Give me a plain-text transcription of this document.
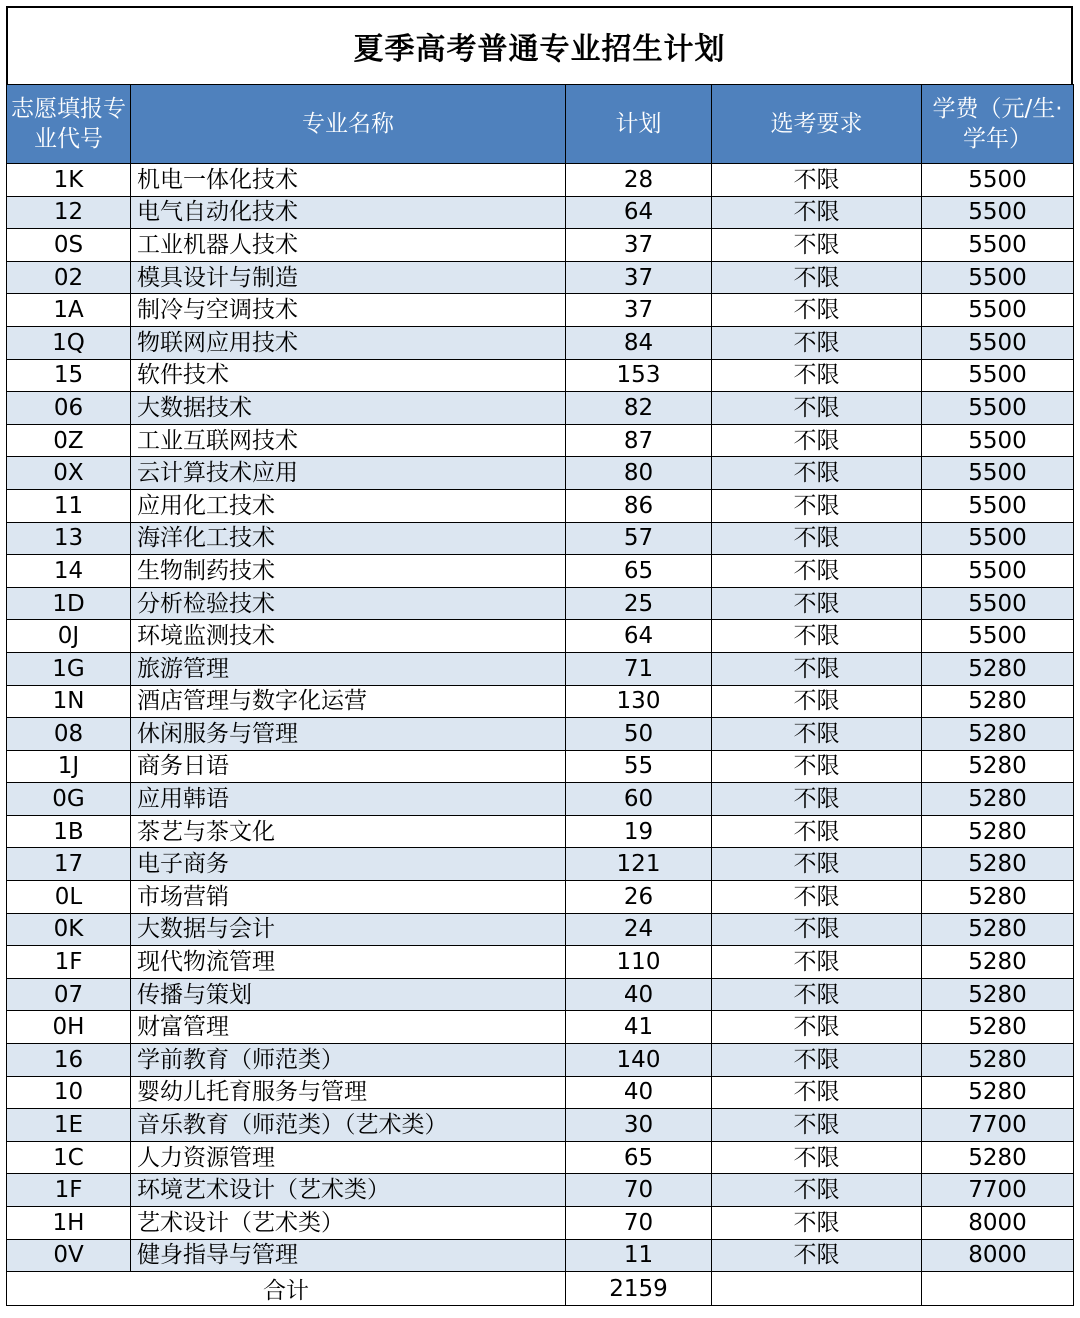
夏季高考普通专业招生计划
志愿填报专业代号	专业名称	计划	选考要求	学费（元/生·学年）
1K	机电一体化技术	28	不限	5500
12	电气自动化技术	64	不限	5500
0S	工业机器人技术	37	不限	5500
02	模具设计与制造	37	不限	5500
1A	制冷与空调技术	37	不限	5500
1Q	物联网应用技术	84	不限	5500
15	软件技术	153	不限	5500
06	大数据技术	82	不限	5500
0Z	工业互联网技术	87	不限	5500
0X	云计算技术应用	80	不限	5500
11	应用化工技术	86	不限	5500
13	海洋化工技术	57	不限	5500
14	生物制药技术	65	不限	5500
1D	分析检验技术	25	不限	5500
0J	环境监测技术	64	不限	5500
1G	旅游管理	71	不限	5280
1N	酒店管理与数字化运营	130	不限	5280
08	休闲服务与管理	50	不限	5280
1J	商务日语	55	不限	5280
0G	应用韩语	60	不限	5280
1B	茶艺与茶文化	19	不限	5280
17	电子商务	121	不限	5280
0L	市场营销	26	不限	5280
0K	大数据与会计	24	不限	5280
1F	现代物流管理	110	不限	5280
07	传播与策划	40	不限	5280
0H	财富管理	41	不限	5280
16	学前教育（师范类）	140	不限	5280
10	婴幼儿托育服务与管理	40	不限	5280
1E	音乐教育（师范类）（艺术类）	30	不限	7700
1C	人力资源管理	65	不限	5280
1F	环境艺术设计（艺术类）	70	不限	7700
1H	艺术设计（艺术类）	70	不限	8000
0V	健身指导与管理	11	不限	8000
合计		2159		
